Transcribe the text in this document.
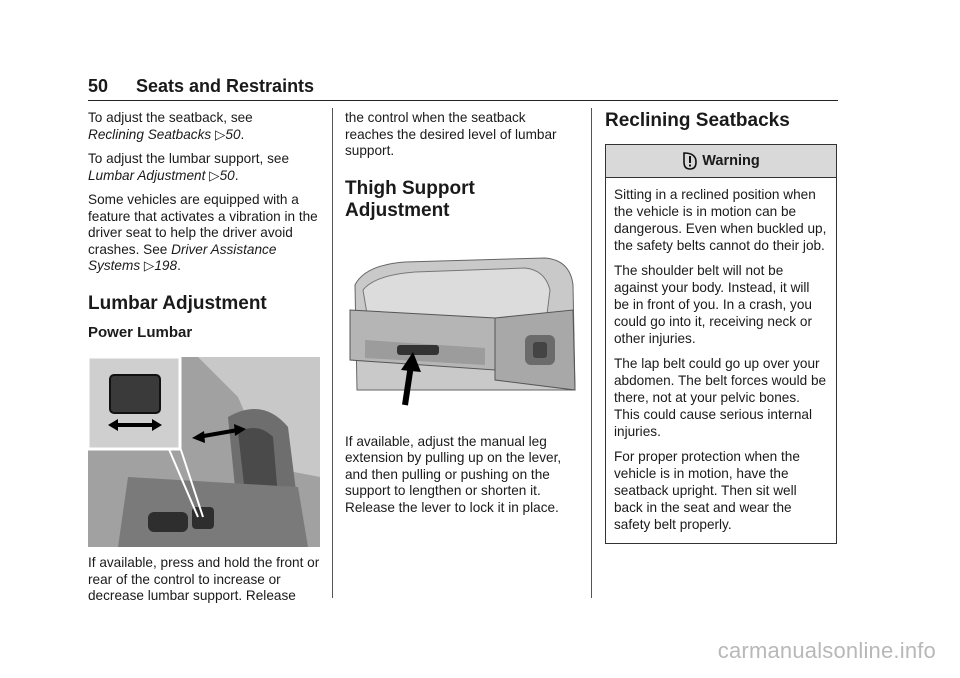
50 Seats and Restraints

To adjust the seatback, see
Reclining Seatbacks ▷50.

To adjust the lumbar support, see
Lumbar Adjustment ▷50.

Some vehicles are equipped with a feature that activates a vibration in the driver seat to help the driver avoid crashes. See Driver Assistance Systems ▷198.

Lumbar Adjustment
Power Lumbar

If available, press and hold the front or rear of the control to increase or decrease lumbar support. Release

the control when the seatback reaches the desired level of lumbar support.

Thigh Support
Adjustment

If available, adjust the manual leg extension by pulling up on the lever, and then pulling or pushing on the support to lengthen or shorten it. Release the lever to lock it in place.

Reclining Seatbacks
Warning

Sitting in a reclined position when the vehicle is in motion can be dangerous. Even when buckled up, the safety belts cannot do their job.

The shoulder belt will not be against your body. Instead, it will be in front of you. In a crash, you could go into it, receiving neck or other injuries.

The lap belt could go up over your abdomen. The belt forces would be there, not at your pelvic bones. This could cause serious internal injuries.

For proper protection when the vehicle is in motion, have the seatback upright. Then sit well back in the seat and wear the safety belt properly.

carmanualsonline.info
